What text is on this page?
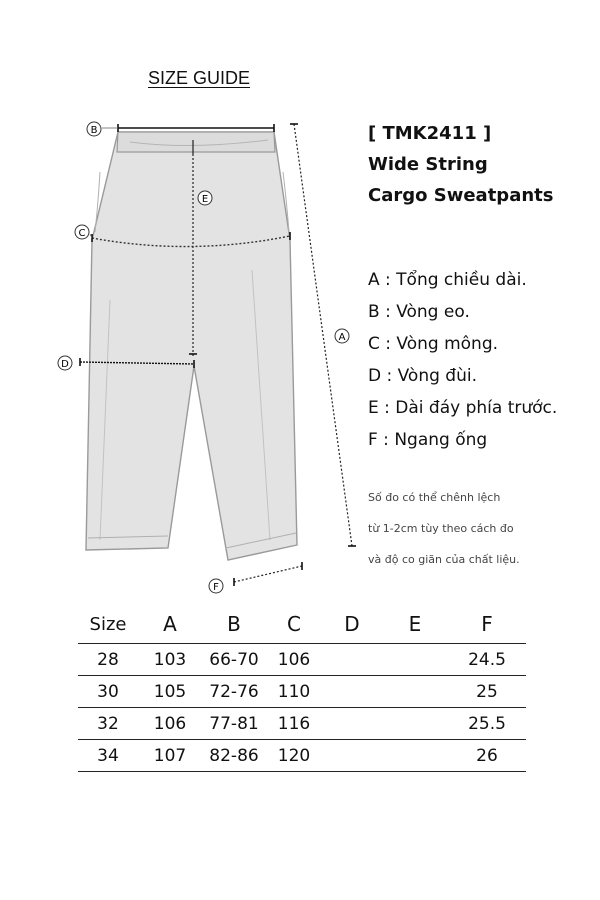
SIZE GUIDE
B
C
D
E
A
F
[ TMK2411 ]
Wide String
Cargo Sweatpants
A : Tổng chiều dài.
B : Vòng eo.
C : Vòng mông.
D : Vòng đùi.
E : Dài đáy phía trước.
F : Ngang ống
Số đo có thể chênh lệch
từ 1-2cm tùy theo cách đo
và độ co giãn của chất liệu.
Size	A	B	C	D	E	F
28	103	66-70	106			24.5
30	105	72-76	110			25
32	106	77-81	116			25.5
34	107	82-86	120			26
